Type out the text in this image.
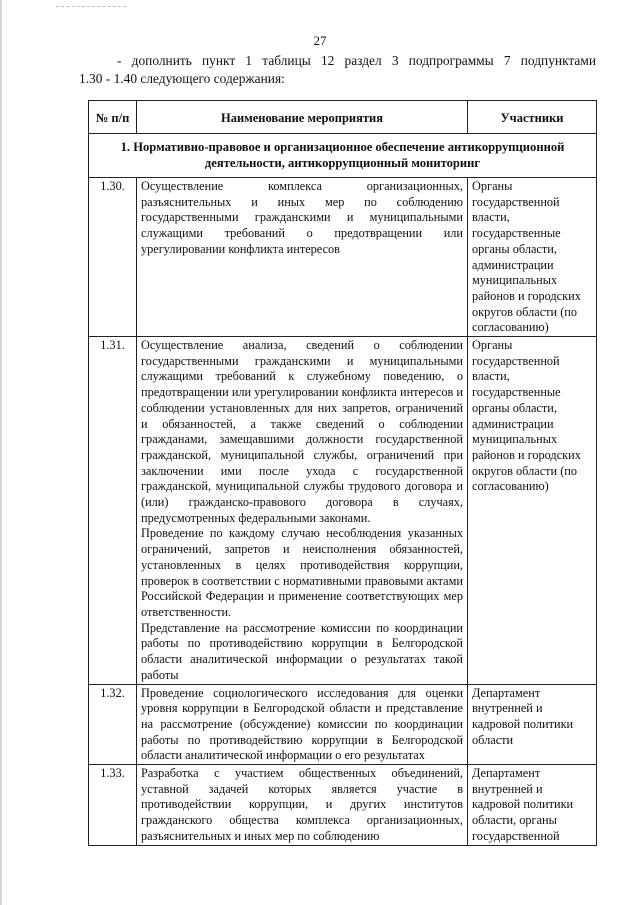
27
- дополнить пункт 1 таблицы 12 раздел 3 подпрограммы 7 подпунктами
1.30 - 1.40 следующего содержания:
№ п/п	Наименование мероприятия	Участники
1. Нормативно-правовое и организационное обеспечение антикоррупционной деятельности, антикоррупционный мониторинг		
1.30.	Осуществление комплекса организационных, разъяснительных и иных мер по соблюдению государственными гражданскими и муниципальными служащими требований о предотвращении или урегулировании конфликта интересов	Органы государственной власти, государственные органы области, администрации муниципальных районов и городских округов области (по согласованию)
1.31.	Осуществление анализа, сведений о соблюдении государственными гражданскими и муниципальными служащими требований к служебному поведению, о предотвращении или урегулировании конфликта интересов и соблюдении установленных для них запретов, ограничений и обязанностей, а также сведений о соблюдении гражданами, замещавшими должности государственной гражданской, муниципальной службы, ограничений при заключении ими после ухода с государственной гражданской, муниципальной службы трудового договора и (или) гражданско-правового договора в случаях, предусмотренных федеральными законами.

Проведение по каждому случаю несоблюдения указанных ограничений, запретов и неисполнения обязанностей, установленных в целях противодействия коррупции, проверок в соответствии с нормативными правовыми актами Российской Федерации и применение соответствующих мер ответственности.

Представление на рассмотрение комиссии по координации работы по противодействию коррупции в Белгородской области аналитической информации о результатах такой работы	Органы государственной власти, государственные органы области, администрации муниципальных районов и городских округов области (по согласованию)
1.32.	Проведение социологического исследования для оценки уровня коррупции в Белгородской области и представление на рассмотрение (обсуждение) комиссии по координации работы по противодействию коррупции в Белгородской области аналитической информации о его результатах	Департамент внутренней и кадровой политики области
1.33.	Разработка с участием общественных объединений, уставной задачей которых является участие в противодействии коррупции, и других институтов гражданского общества комплекса организационных, разъяснительных и иных мер по соблюдению	Департамент внутренней и кадровой политики области, органы государственной
